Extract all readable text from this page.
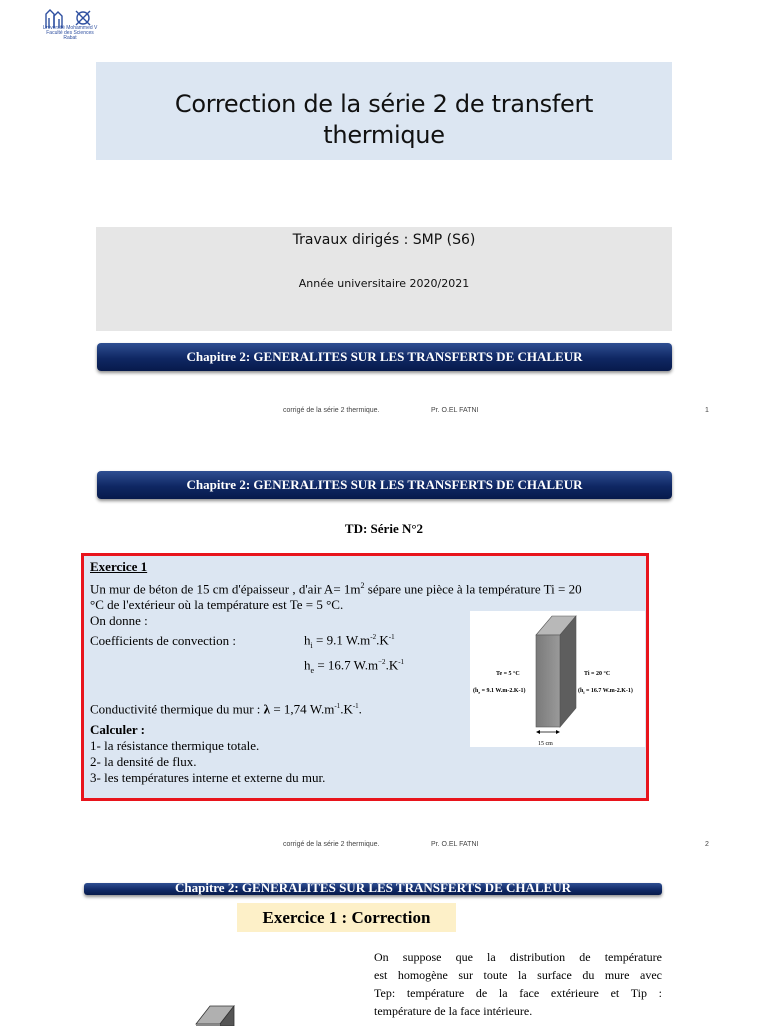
Université Mohammed V
Faculté des Sciences
Rabat
Correction de la série 2 de transfert
thermique
Travaux dirigés : SMP (S6)
Année universitaire 2020/2021
Chapitre 2: GENERALITES SUR LES TRANSFERTS DE CHALEUR
corrigé de la série 2 thermique.	Pr. O.EL FATNI	1
Chapitre 2: GENERALITES SUR LES TRANSFERTS DE CHALEUR
TD: Série N°2
Exercice 1
Un mur de béton de 15 cm d'épaisseur , d'air $A= 1m^2$ sépare une pièce à la température Ti = 20
°C de l'extérieur où la température est Te = 5 °C.
On donne :
Coefficients de convection :	$h_i = 9.1$ $W.m^{-2}.K^{-1}$
$h_e = 16.7$ $W.m^{-2}.K^{-1}$
Conductivité thermique du mur : λ = 1,74 $W.m^{-1}.K^{-1}$.
Calculer :
1- la résistance thermique totale.
2- la densité de flux.
3- les températures interne et externe du mur.
Te = 5 °C
($h_e = 9.1$ W.m-2.K-1)
Ti = 20 °C
($h_i = 16.7$ W.m-2.K-1)
15 cm
corrigé de la série 2 thermique.	Pr. O.EL FATNI	2
Chapitre 2: GENERALITES SUR LES TRANSFERTS DE CHALEUR
Exercice 1 : Correction
On suppose que la distribution de température
est homogène sur toute la surface du mure avec
Tep: température de la face extérieure et Tip :
température de la face intérieure.
